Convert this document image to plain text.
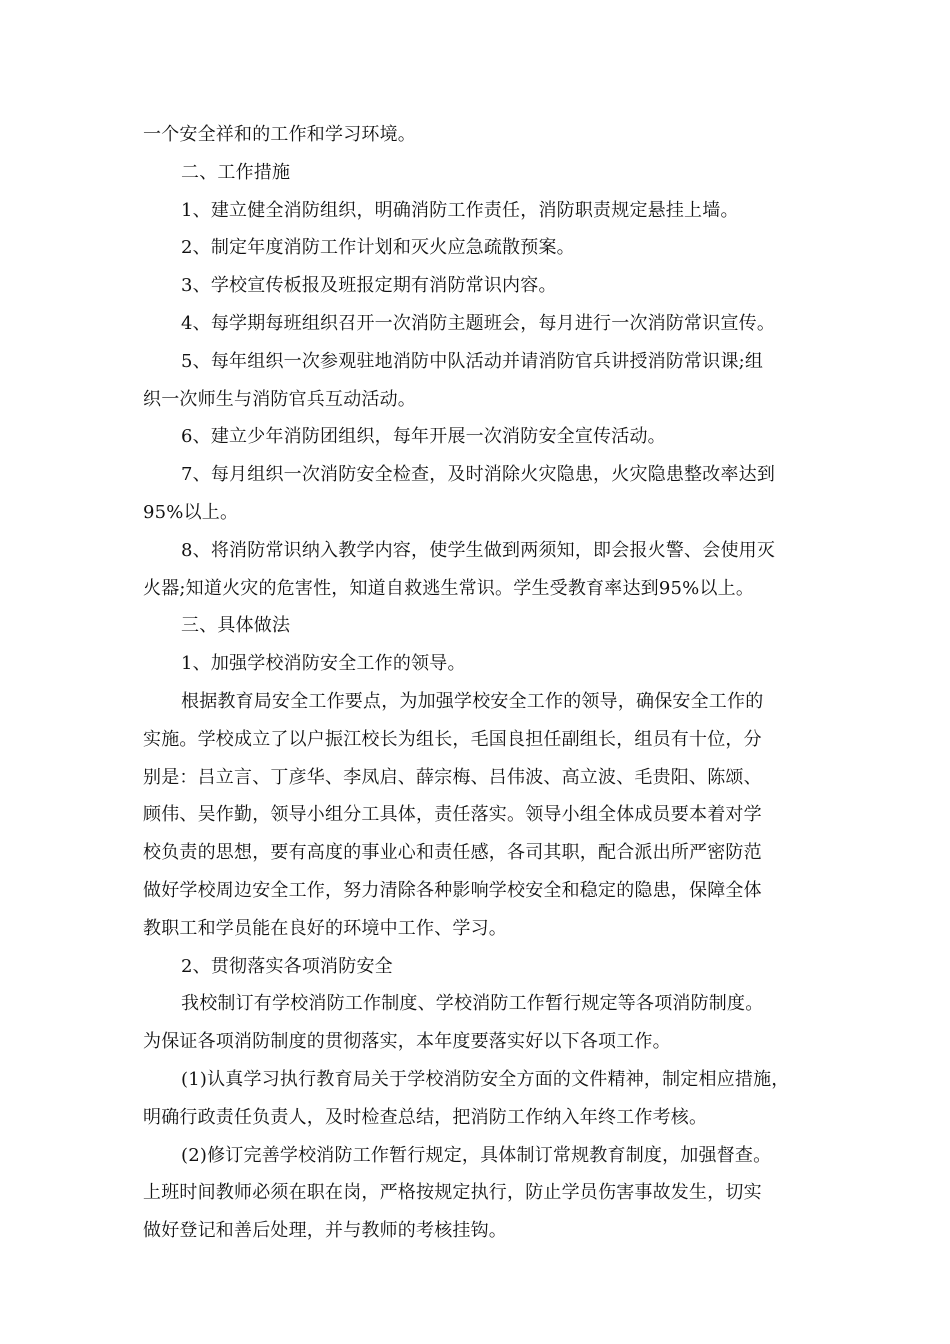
一个安全祥和的工作和学习环境。

二、工作措施

1、建立健全消防组织，明确消防工作责任，消防职责规定悬挂上墙。

2、制定年度消防工作计划和灭火应急疏散预案。

3、学校宣传板报及班报定期有消防常识内容。

4、每学期每班组织召开一次消防主题班会，每月进行一次消防常识宣传。

5、每年组织一次参观驻地消防中队活动并请消防官兵讲授消防常识课;组

织一次师生与消防官兵互动活动。

6、建立少年消防团组织，每年开展一次消防安全宣传活动。

7、每月组织一次消防安全检查，及时消除火灾隐患，火灾隐患整改率达到

95%以上。

8、将消防常识纳入教学内容，使学生做到两须知，即会报火警、会使用灭

火器;知道火灾的危害性，知道自救逃生常识。学生受教育率达到95%以上。

三、具体做法

1、加强学校消防安全工作的领导。

根据教育局安全工作要点，为加强学校安全工作的领导，确保安全工作的

实施。学校成立了以户振江校长为组长，毛国良担任副组长，组员有十位，分

别是：吕立言、丁彦华、李凤启、薛宗梅、吕伟波、高立波、毛贵阳、陈颂、

顾伟、吴作勤，领导小组分工具体，责任落实。领导小组全体成员要本着对学

校负责的思想，要有高度的事业心和责任感，各司其职，配合派出所严密防范

做好学校周边安全工作，努力清除各种影响学校安全和稳定的隐患，保障全体

教职工和学员能在良好的环境中工作、学习。

2、贯彻落实各项消防安全

我校制订有学校消防工作制度、学校消防工作暂行规定等各项消防制度。

为保证各项消防制度的贯彻落实，本年度要落实好以下各项工作。

(1)认真学习执行教育局关于学校消防安全方面的文件精神，制定相应措施，

明确行政责任负责人，及时检查总结，把消防工作纳入年终工作考核。

(2)修订完善学校消防工作暂行规定，具体制订常规教育制度，加强督查。

上班时间教师必须在职在岗，严格按规定执行，防止学员伤害事故发生，切实

做好登记和善后处理，并与教师的考核挂钩。
